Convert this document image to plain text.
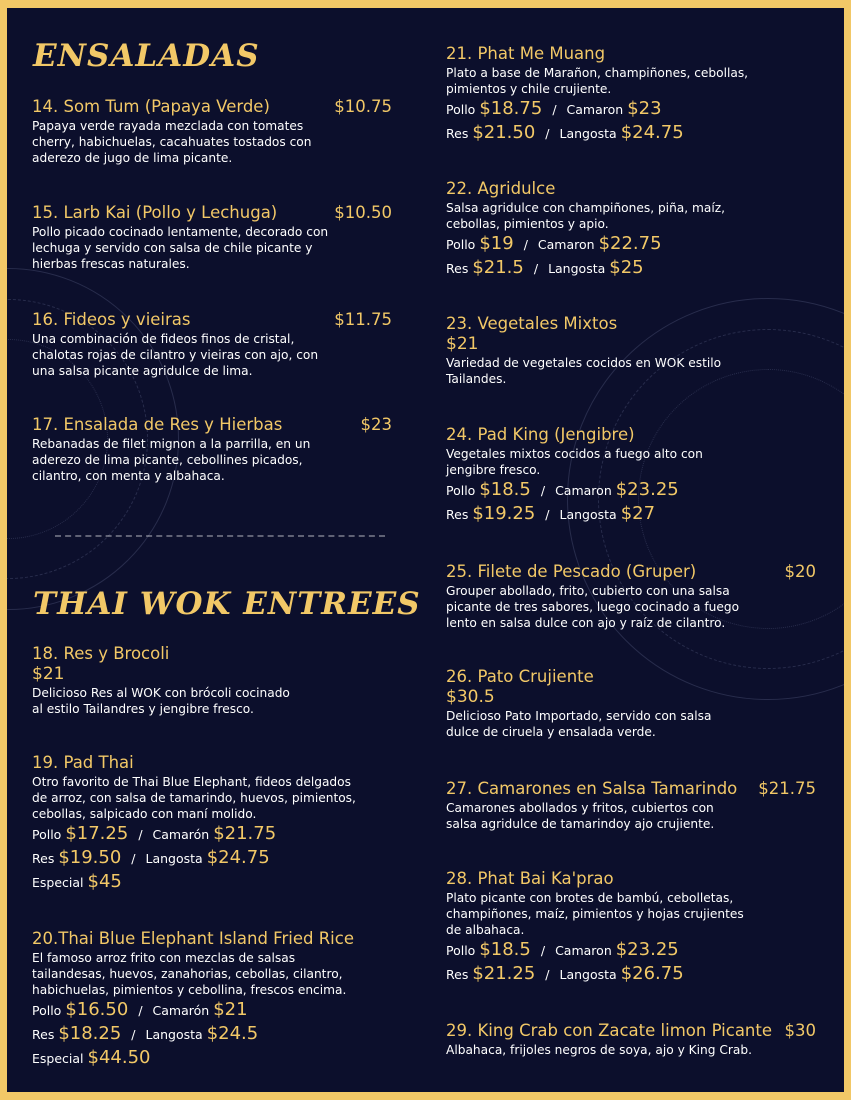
ENSALADAS
14. Som Tum (Papaya Verde)	$10.75
Papaya verde rayada mezclada con tomates
cherry, habichuelas, cacahuates tostados con
aderezo de jugo de lima picante.
15. Larb Kai (Pollo y Lechuga)	$10.50
Pollo picado cocinado lentamente, decorado con
lechuga y servido con salsa de chile picante y
hierbas frescas naturales.
16. Fideos y vieiras	$11.75
Una combinación de fideos finos de cristal,
chalotas rojas de cilantro y vieiras con ajo, con
una salsa picante agridulce de lima.
17. Ensalada de Res y Hierbas	$23
Rebanadas de filet mignon a la parrilla, en un
aderezo de lima picante, cebollines picados,
cilantro, con menta y albahaca.
THAI WOK ENTREES
18. Res y Brocoli
$21
Delicioso Res al WOK con brócoli cocinado
al estilo Tailandres y jengibre fresco.
19. Pad Thai
Otro favorito de Thai Blue Elephant, fideos delgados
de arroz, con salsa de tamarindo, huevos, pimientos,
cebollas, salpicado con maní molido.
Pollo $17.25 / Camarón $21.75
Res $19.50 / Langosta $24.75
Especial $45
20.Thai Blue Elephant Island Fried Rice
El famoso arroz frito con mezclas de salsas
tailandesas, huevos, zanahorias, cebollas, cilantro,
habichuelas, pimientos y cebollina, frescos encima.
Pollo $16.50 / Camarón $21
Res $18.25 / Langosta $24.5
Especial $44.50
21. Phat Me Muang
Plato a base de Marañon, champiñones, cebollas,
pimientos y chile crujiente.
Pollo $18.75 / Camaron $23
Res $21.50 / Langosta $24.75
22. Agridulce
Salsa agridulce con champiñones, piña, maíz,
cebollas, pimientos y apio.
Pollo $19 / Camaron $22.75
Res $21.5 / Langosta $25
23. Vegetales Mixtos
$21
Variedad de vegetales cocidos en WOK estilo
Tailandes.
24. Pad King (Jengibre)
Vegetales mixtos cocidos a fuego alto con
jengibre fresco.
Pollo $18.5 / Camaron $23.25
Res $19.25 / Langosta $27
25. Filete de Pescado (Gruper)	$20
Grouper abollado, frito, cubierto con una salsa
picante de tres sabores, luego cocinado a fuego
lento en salsa dulce con ajo y raíz de cilantro.
26. Pato Crujiente
$30.5
Delicioso Pato Importado, servido con salsa
dulce de ciruela y ensalada verde.
27. Camarones en Salsa Tamarindo $21.75
Camarones abollados y fritos, cubiertos con
salsa agridulce de tamarindoy ajo crujiente.
28. Phat Bai Ka'prao
Plato picante con brotes de bambú, cebolletas,
champiñones, maíz, pimientos y hojas crujientes
de albahaca.
Pollo $18.5 / Camaron $23.25
Res $21.25 / Langosta $26.75
29. King Crab con Zacate limon Picante $30
Albahaca, frijoles negros de soya, ajo y King Crab.
